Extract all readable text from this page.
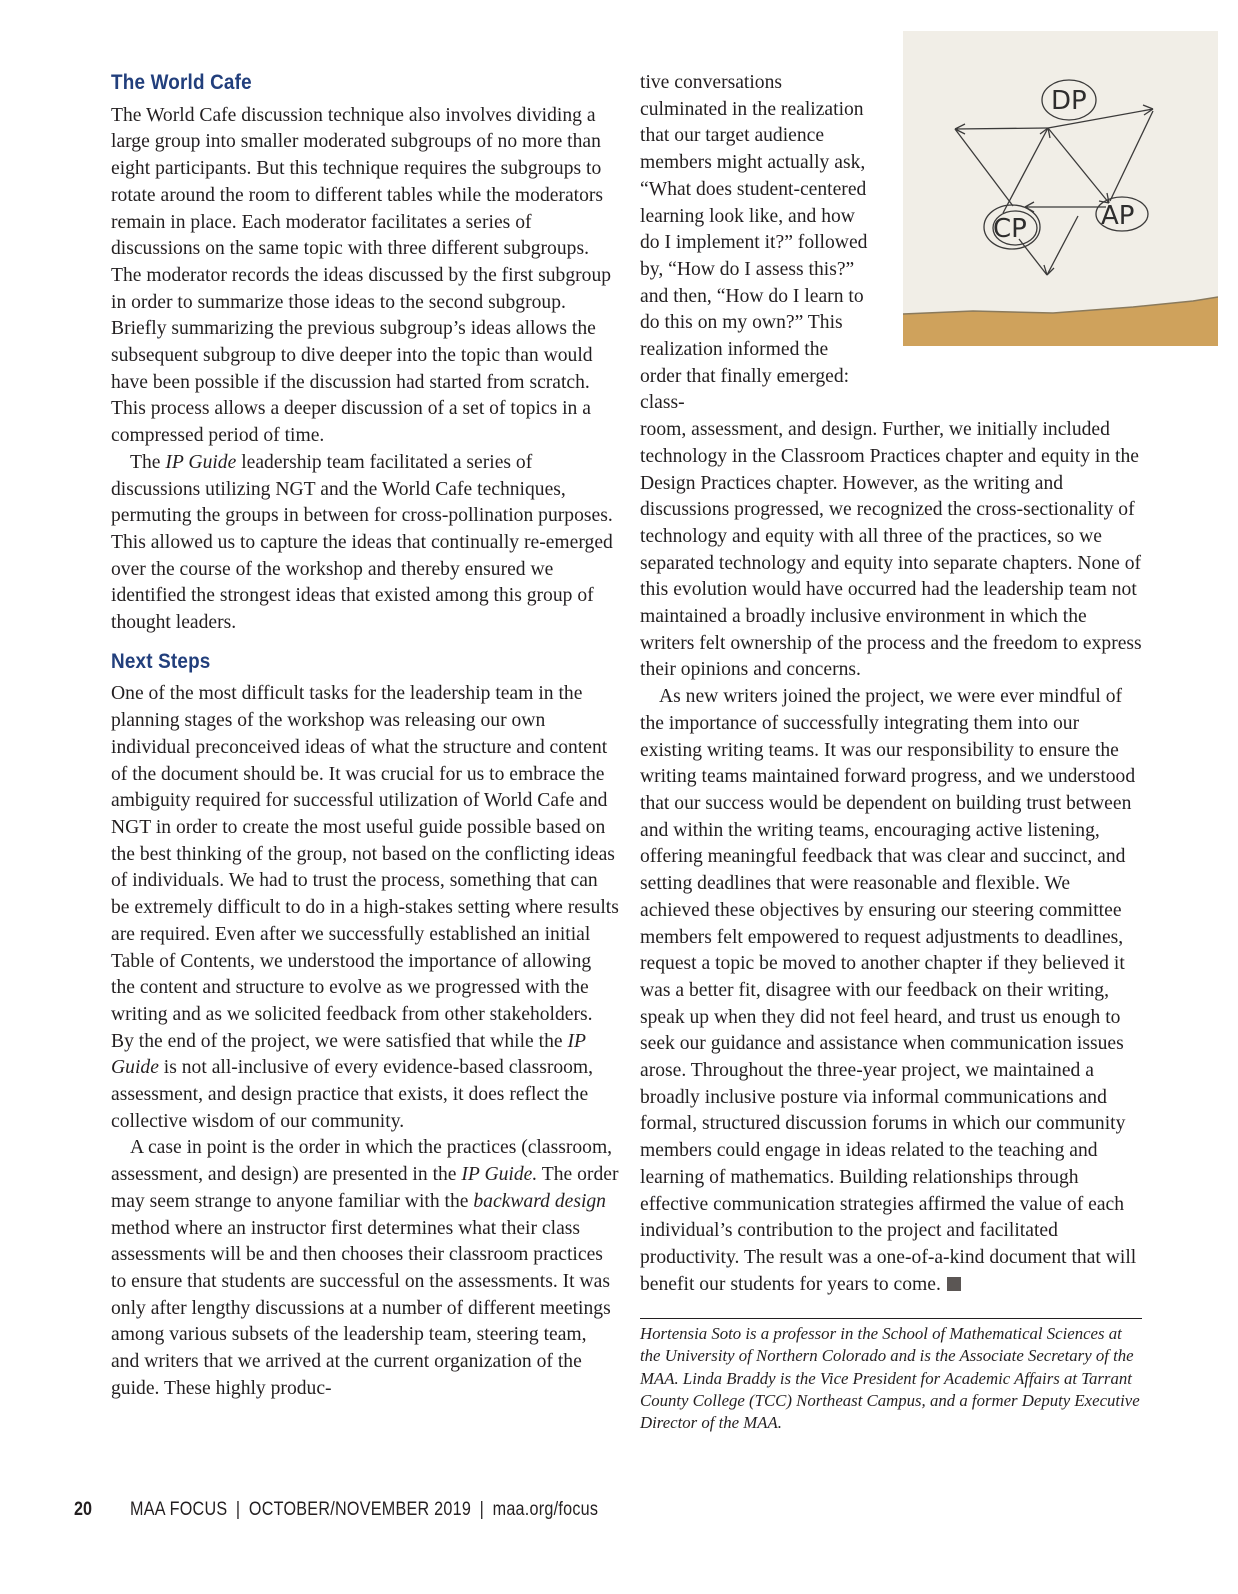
The World Cafe

The World Cafe discussion technique also involves dividing a large group into smaller moderated subgroups of no more than eight participants. But this technique requires the subgroups to rotate around the room to different tables while the moderators remain in place. Each moderator facilitates a series of discussions on the same topic with three different subgroups. The moderator records the ideas discussed by the first subgroup in order to summarize those ideas to the second subgroup. Briefly summarizing the previous subgroup’s ideas allows the subsequent subgroup to dive deeper into the topic than would have been possible if the discussion had started from scratch. This process allows a deeper discussion of a set of topics in a compressed period of time.

The IP Guide leadership team facilitated a series of discussions utilizing NGT and the World Cafe techniques, permuting the groups in between for cross-pollination purposes. This allowed us to capture the ideas that continually re-emerged over the course of the workshop and thereby ensured we identified the strongest ideas that existed among this group of thought leaders.

Next Steps

One of the most difficult tasks for the leadership team in the planning stages of the workshop was releasing our own individual preconceived ideas of what the structure and content of the document should be. It was crucial for us to embrace the ambiguity required for successful utilization of World Cafe and NGT in order to create the most useful guide possible based on the best thinking of the group, not based on the conflicting ideas of individuals. We had to trust the process, something that can be extremely difficult to do in a high-stakes setting where results are required. Even after we successfully established an initial Table of Contents, we understood the importance of allowing the content and structure to evolve as we progressed with the writing and as we solicited feedback from other stakeholders. By the end of the project, we were satisfied that while the IP Guide is not all-inclusive of every evidence-based classroom, assessment, and design practice that exists, it does reflect the collective wisdom of our community.

A case in point is the order in which the practices (classroom, assessment, and design) are presented in the IP Guide. The order may seem strange to anyone familiar with the backward design method where an instructor first determines what their class assessments will be and then chooses their classroom practices to ensure that students are successful on the assessments. It was only after lengthy discussions at a number of different meetings among various subsets of the leadership team, steering team, and writers that we arrived at the current organization of the guide. These highly produc-

DP
AP
CP

tive conversations culminated in the realization that our target audience members might actually ask, “What does student-centered learning look like, and how do I implement it?” followed by, “How do I assess this?” and then, “How do I learn to do this on my own?” This realization informed the order that finally emerged: class-

room, assessment, and design. Further, we initially included technology in the Classroom Practices chapter and equity in the Design Practices chapter. However, as the writing and discussions progressed, we recognized the cross-sectionality of technology and equity with all three of the practices, so we separated technology and equity into separate chapters. None of this evolution would have occurred had the leadership team not maintained a broadly inclusive environment in which the writers felt ownership of the process and the freedom to express their opinions and concerns.

As new writers joined the project, we were ever mindful of the importance of successfully integrating them into our existing writing teams. It was our responsibility to ensure the writing teams maintained forward progress, and we understood that our success would be dependent on building trust between and within the writing teams, encouraging active listening, offering meaningful feedback that was clear and succinct, and setting deadlines that were reasonable and flexible. We achieved these objectives by ensuring our steering committee members felt empowered to request adjustments to deadlines, request a topic be moved to another chapter if they believed it was a better fit, disagree with our feedback on their writing, speak up when they did not feel heard, and trust us enough to seek our guidance and assistance when communication issues arose. Throughout the three-year project, we maintained a broadly inclusive posture via informal communications and formal, structured discussion forums in which our community members could engage in ideas related to the teaching and learning of mathematics. Building relationships through effective communication strategies affirmed the value of each individual’s contribution to the project and facilitated productivity. The result was a one-of-a-kind document that will benefit our students for years to come.

Hortensia Soto is a professor in the School of Mathematical Sciences at the University of Northern Colorado and is the Associate Secretary of the MAA. Linda Braddy is the Vice President for Academic Affairs at Tarrant County College (TCC) Northeast Campus, and a former Deputy Executive Director of the MAA.
20 MAA FOCUS | OCTOBER/NOVEMBER 2019 | maa.org/focus
